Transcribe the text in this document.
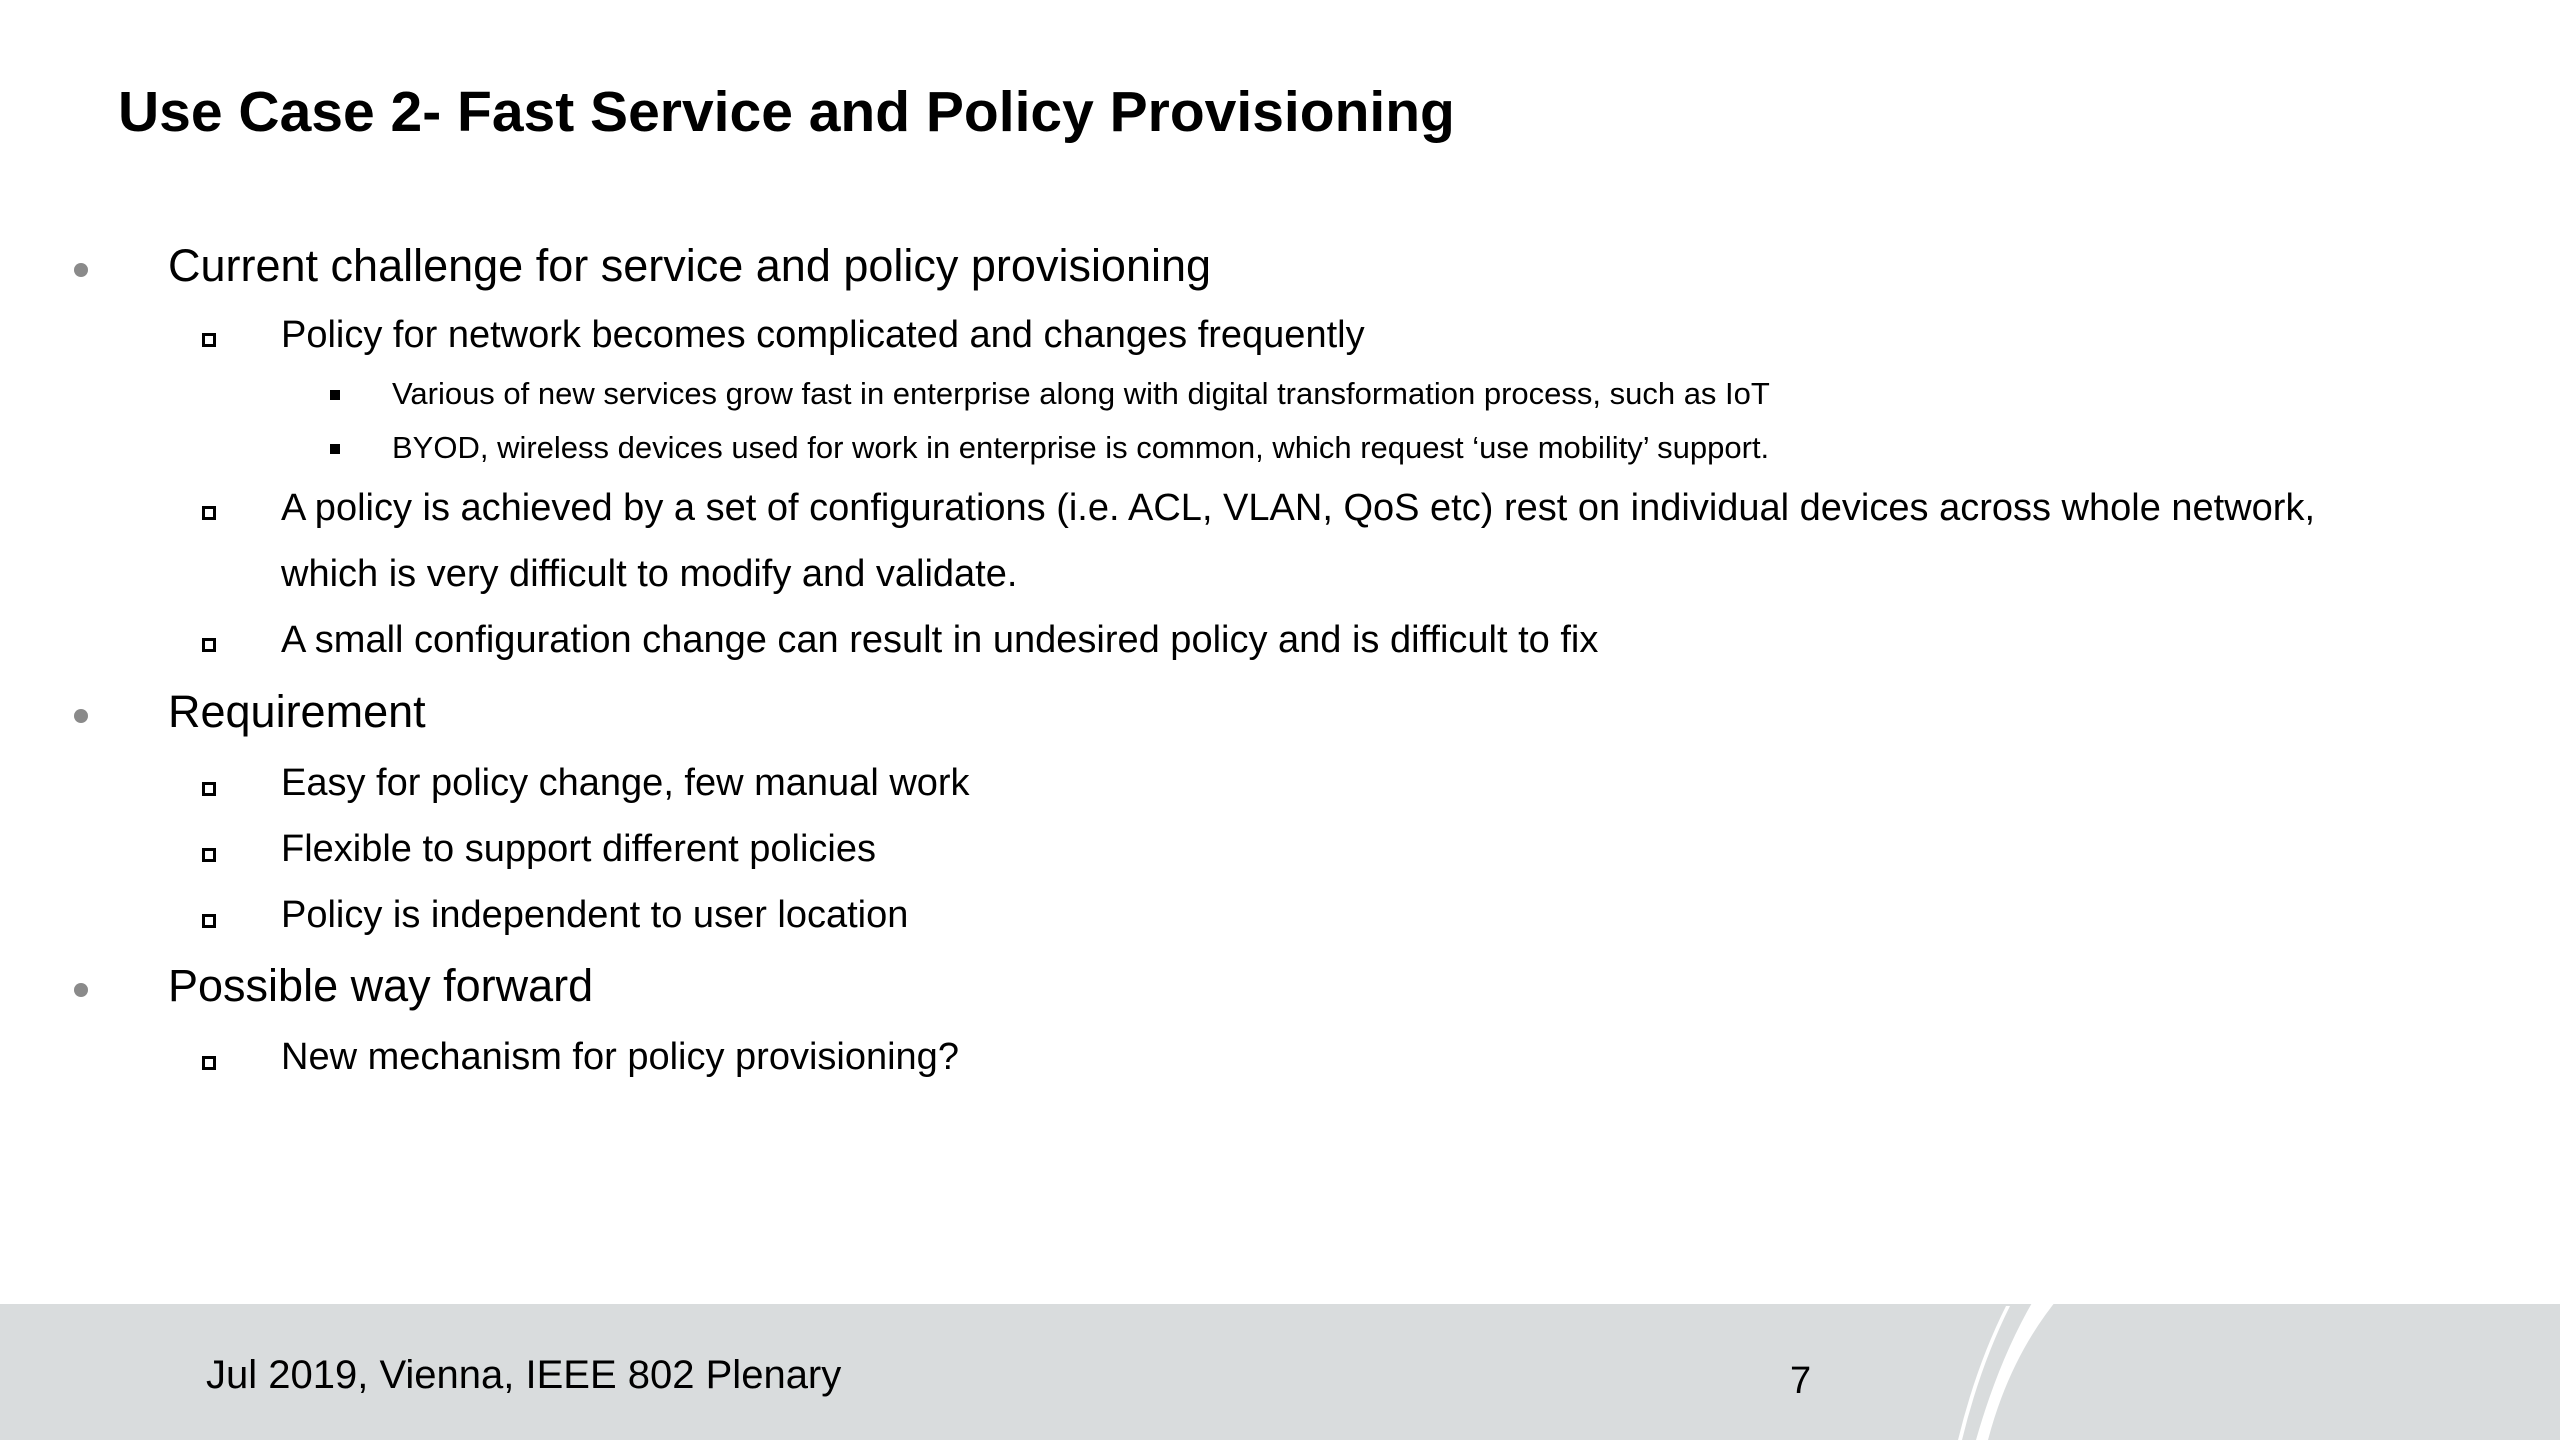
Use Case 2- Fast Service and Policy Provisioning
Current challenge for service and policy provisioning
Policy for network becomes complicated and changes frequently
Various of new services grow fast in enterprise along with digital transformation process, such as IoT
BYOD, wireless devices used for work in enterprise is common, which request ‘use mobility’ support.
A policy is achieved by a set of configurations (i.e. ACL, VLAN, QoS etc) rest on individual devices across whole network,
which is very difficult to modify and validate.
A small configuration change can result in undesired policy and is difficult to fix
Requirement
Easy for policy change, few manual work
Flexible to support different policies
Policy is independent to user location
Possible way forward
New mechanism for policy provisioning?
Jul 2019, Vienna, IEEE 802 Plenary	7
